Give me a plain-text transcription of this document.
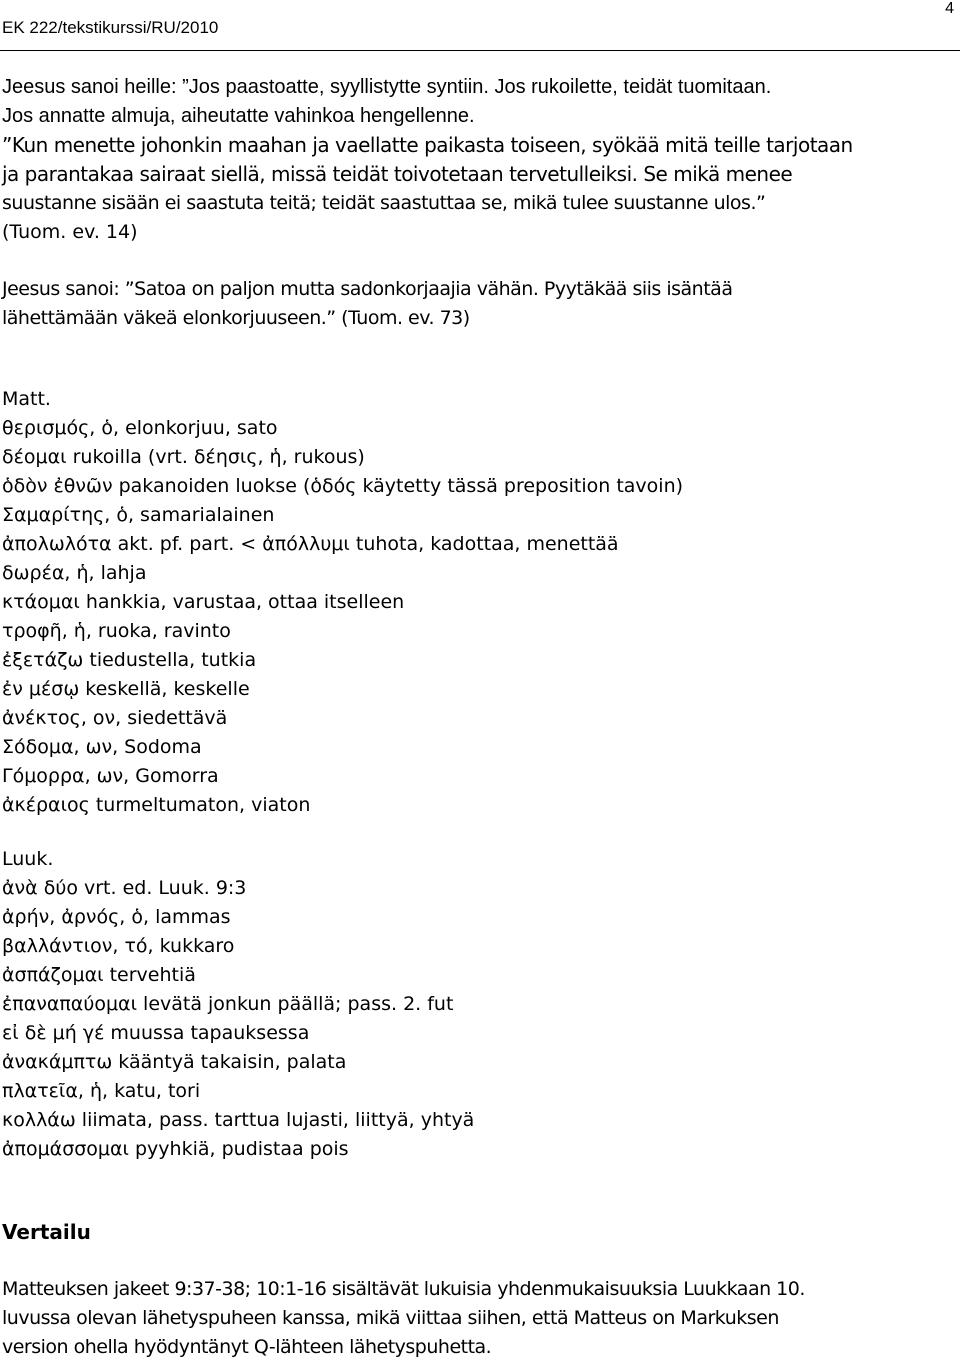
EK 222/tekstikurssi/RU/2010
4
Jeesus sanoi heille: ”Jos paastoatte, syyllistytte syntiin. Jos rukoilette, teidät tuomitaan.
Jos annatte almuja, aiheutatte vahinkoa hengellenne.
”Kun menette johonkin maahan ja vaellatte paikasta toiseen, syökää mitä teille tarjotaan
ja parantakaa sairaat siellä, missä teidät toivotetaan tervetulleiksi. Se mikä menee
suustanne sisään ei saastuta teitä; teidät saastuttaa se, mikä tulee suustanne ulos.”
(Tuom. ev. 14)
Jeesus sanoi: ”Satoa on paljon mutta sadonkorjaajia vähän. Pyytäkää siis isäntää
lähettämään väkeä elonkorjuuseen.” (Tuom. ev. 73)
Matt.
θερισμός, ὁ, elonkorjuu, sato
δέομαι rukoilla (vrt. δέησις, ἡ, rukous)
ὁδὸν ἐθνῶν pakanoiden luokse (ὁδός käytetty tässä preposition tavoin)
Σαμαρίτης, ὁ, samarialainen
ἀπολωλότα akt. pf. part. < ἀπόλλυμι tuhota, kadottaa, menettää
δωρέα, ἡ, lahja
κτάομαι hankkia, varustaa, ottaa itselleen
τροφῆ, ἡ, ruoka, ravinto
ἐξετάζω tiedustella, tutkia
ἐν μέσῳ keskellä, keskelle
ἀνέκτος, ον, siedettävä
Σόδομα, ων, Sodoma
Γόμορρα, ων, Gomorra
ἀκέραιος turmeltumaton, viaton
Luuk.
ἀνὰ δύο vrt. ed. Luuk. 9:3
ἀρήν, ἀρνός, ὁ, lammas
βαλλάντιον, τό, kukkaro
ἀσπάζομαι tervehtiä
ἐπαναπαύομαι levätä jonkun päällä; pass. 2. fut
εἰ δὲ μή γέ muussa tapauksessa
ἀνακάμπτω kääntyä takaisin, palata
πλατεῖα, ἡ, katu, tori
κολλάω liimata, pass. tarttua lujasti, liittyä, yhtyä
ἀπομάσσομαι pyyhkiä, pudistaa pois
Vertailu
Matteuksen jakeet 9:37-38; 10:1-16 sisältävät lukuisia yhdenmukaisuuksia Luukkaan 10.
luvussa olevan lähetyspuheen kanssa, mikä viittaa siihen, että Matteus on Markuksen
version ohella hyödyntänyt Q-lähteen lähetyspuhetta.
